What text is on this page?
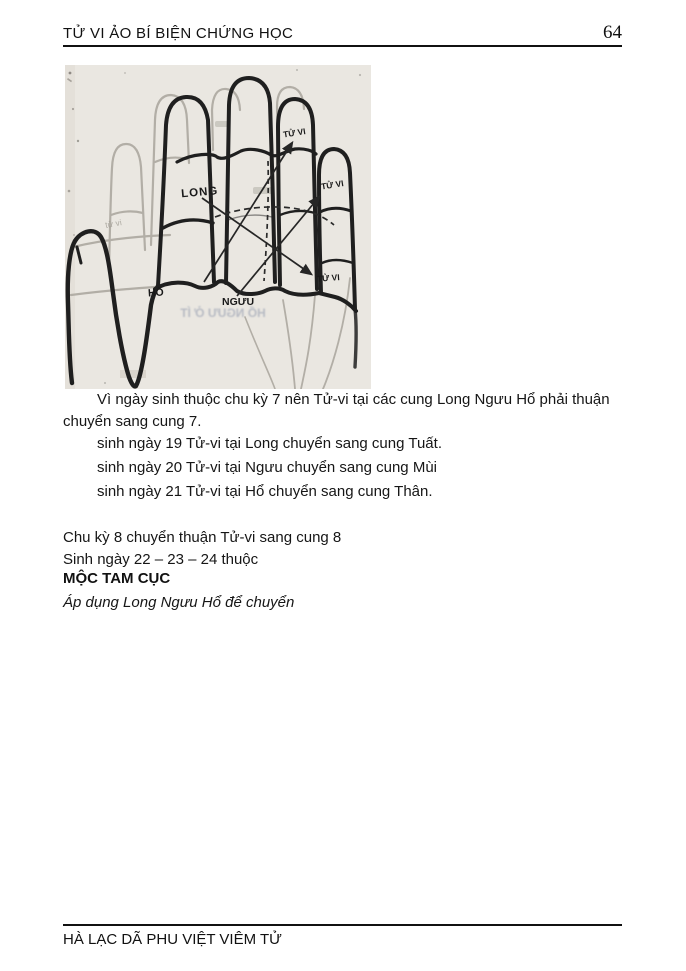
TỬ VI ẢO BÍ BIỆN CHỨNG HỌC	64
tử vi
HỔ NGƯU Ở ÍT
LONG
TỬ VI
TỬ VI
TỬ VI
HỔ
NGƯU
Vì ngày sinh thuộc chu kỳ 7 nên Tử-vi tại các cung Long Ngưu Hổ phải thuận chuyển sang cung 7.
sinh ngày 19 Tử-vi tại Long chuyển sang cung Tuất.
sinh ngày 20 Tử-vi tại Ngưu chuyển sang cung Mùi
sinh ngày 21 Tử-vi tại Hổ chuyển sang cung Thân.
Chu kỳ 8 chuyển thuận Tử-vi sang cung 8
Sinh ngày 22 – 23 – 24 thuộc
MỘC TAM CỤC
Áp dụng Long Ngưu Hổ để chuyển
HÀ LẠC DÃ PHU VIỆT VIÊM TỬ
